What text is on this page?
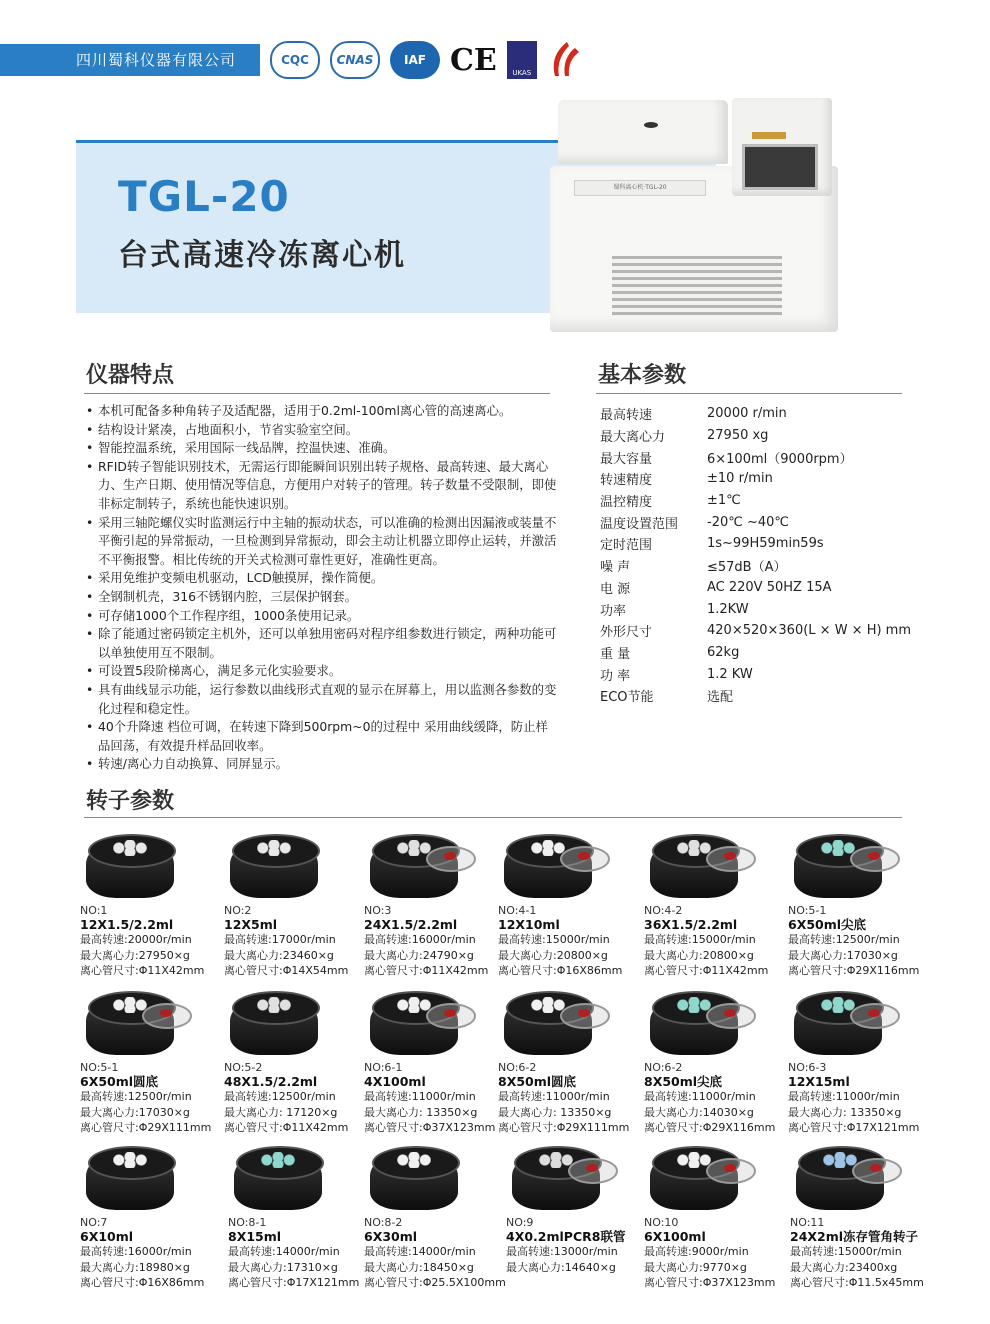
四川蜀科仪器有限公司	CQC	CNAS	IAF CE	UKAS
TGL-20
台式高速冷冻离心机
蜀科离心机·TGL-20
仪器特点
• 本机可配备多种角转子及适配器，适用于0.2ml-100ml离心管的高速离心。
• 结构设计紧凑，占地面积小，节省实验室空间。
• 智能控温系统，采用国际一线品牌，控温快速、准确。
• RFID转子智能识别技术，无需运行即能瞬间识别出转子规格、最高转速、最大离心力、生产日期、使用情况等信息，方便用户对转子的管理。转子数量不受限制，即使非标定制转子，系统也能快速识别。
• 采用三轴陀螺仪实时监测运行中主轴的振动状态，可以准确的检测出因漏液或装量不平衡引起的异常振动，一旦检测到异常振动，即会主动让机器立即停止运转，并激活不平衡报警。相比传统的开关式检测可靠性更好，准确性更高。
• 采用免维护变频电机驱动，LCD触摸屏，操作简便。
• 全钢制机壳，316不锈钢内腔，三层保护钢套。
• 可存储1000个工作程序组，1000条使用记录。
• 除了能通过密码锁定主机外，还可以单独用密码对程序组参数进行锁定，两种功能可以单独使用互不限制。
• 可设置5段阶梯离心，满足多元化实验要求。
• 具有曲线显示功能，运行参数以曲线形式直观的显示在屏幕上，用以监测各参数的变化过程和稳定性。
• 40个升降速 档位可调，在转速下降到500rpm~0的过程中 采用曲线缓降，防止样品回荡，有效提升样品回收率。
• 转速/离心力自动换算、同屏显示。
基本参数
最高转速	20000 r/min
最大离心力	27950 xg
最大容量	6×100ml（9000rpm）
转速精度	±10 r/min
温控精度	±1℃
温度设置范围	-20℃ ~40℃
定时范围	1s~99H59min59s
噪 声	≤57dB（A）
电 源	AC 220V 50HZ 15A
功率	1.2KW
外形尺寸	420×520×360(L × W × H) mm
重 量	62kg
功 率	1.2 KW
ECO节能	选配
转子参数
NO:1
12X1.5/2.2ml
最高转速:20000r/min
最大离心力:27950×g
离心管尺寸:Φ11X42mm
NO:2
12X5ml
最高转速:17000r/min
最大离心力:23460×g
离心管尺寸:Φ14X54mm
NO:3
24X1.5/2.2ml
最高转速:16000r/min
最大离心力:24790×g
离心管尺寸:Φ11X42mm
NO:4-1
12X10ml
最高转速:15000r/min
最大离心力:20800×g
离心管尺寸:Φ16X86mm
NO:4-2
36X1.5/2.2ml
最高转速:15000r/min
最大离心力:20800×g
离心管尺寸:Φ11X42mm
NO:5-1
6X50ml尖底
最高转速:12500r/min
最大离心力:17030×g
离心管尺寸:Φ29X116mm
NO:5-1
6X50ml圆底
最高转速:12500r/min
最大离心力:17030×g
离心管尺寸:Φ29X111mm
NO:5-2
48X1.5/2.2ml
最高转速:12500r/min
最大离心力: 17120×g
离心管尺寸:Φ11X42mm
NO:6-1
4X100ml
最高转速:11000r/min
最大离心力: 13350×g
离心管尺寸:Φ37X123mm
NO:6-2
8X50ml圆底
最高转速:11000r/min
最大离心力: 13350×g
离心管尺寸:Φ29X111mm
NO:6-2
8X50ml尖底
最高转速:11000r/min
最大离心力:14030×g
离心管尺寸:Φ29X116mm
NO:6-3
12X15ml
最高转速:11000r/min
最大离心力: 13350×g
离心管尺寸:Φ17X121mm
NO:7
6X10ml
最高转速:16000r/min
最大离心力:18980×g
离心管尺寸:Φ16X86mm
NO:8-1
8X15ml
最高转速:14000r/min
最大离心力:17310×g
离心管尺寸:Φ17X121mm
NO:8-2
6X30ml
最高转速:14000r/min
最大离心力:18450×g
离心管尺寸:Φ25.5X100mm
NO:9
4X0.2mlPCR8联管
最高转速:13000r/min
最大离心力:14640×g
NO:10
6X100ml
最高转速:9000r/min
最大离心力:9770×g
离心管尺寸:Φ37X123mm
NO:11
24X2ml冻存管角转子
最高转速:15000r/min
最大离心力:23400xg
离心管尺寸:Φ11.5x45mm
